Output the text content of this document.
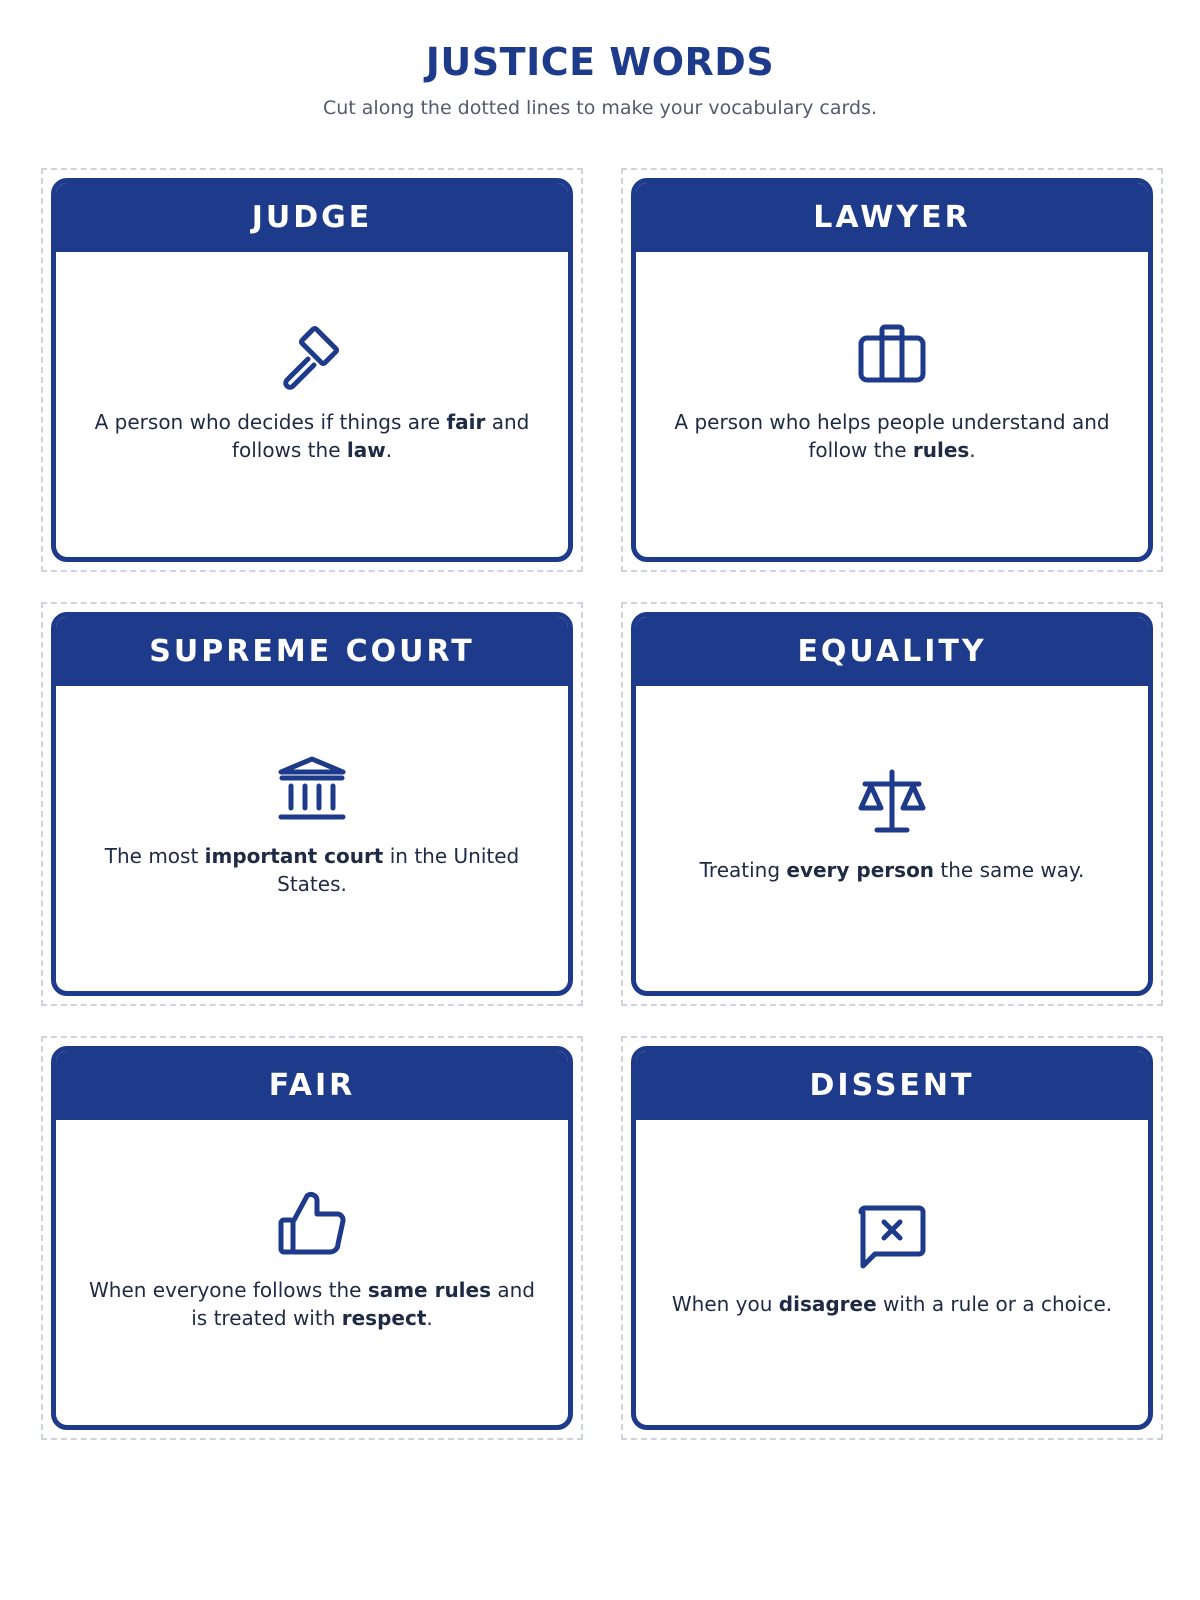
JUSTICE WORDS

Cut along the dotted lines to make your vocabulary cards.

JUDGE
A person who decides if things are fair and follows the law.
LAWYER
A person who helps people understand and follow the rules.
SUPREME COURT
The most important court in the United States.
EQUALITY
Treating every person the same way.
FAIR
When everyone follows the same rules and is treated with respect.
DISSENT
When you disagree with a rule or a choice.
